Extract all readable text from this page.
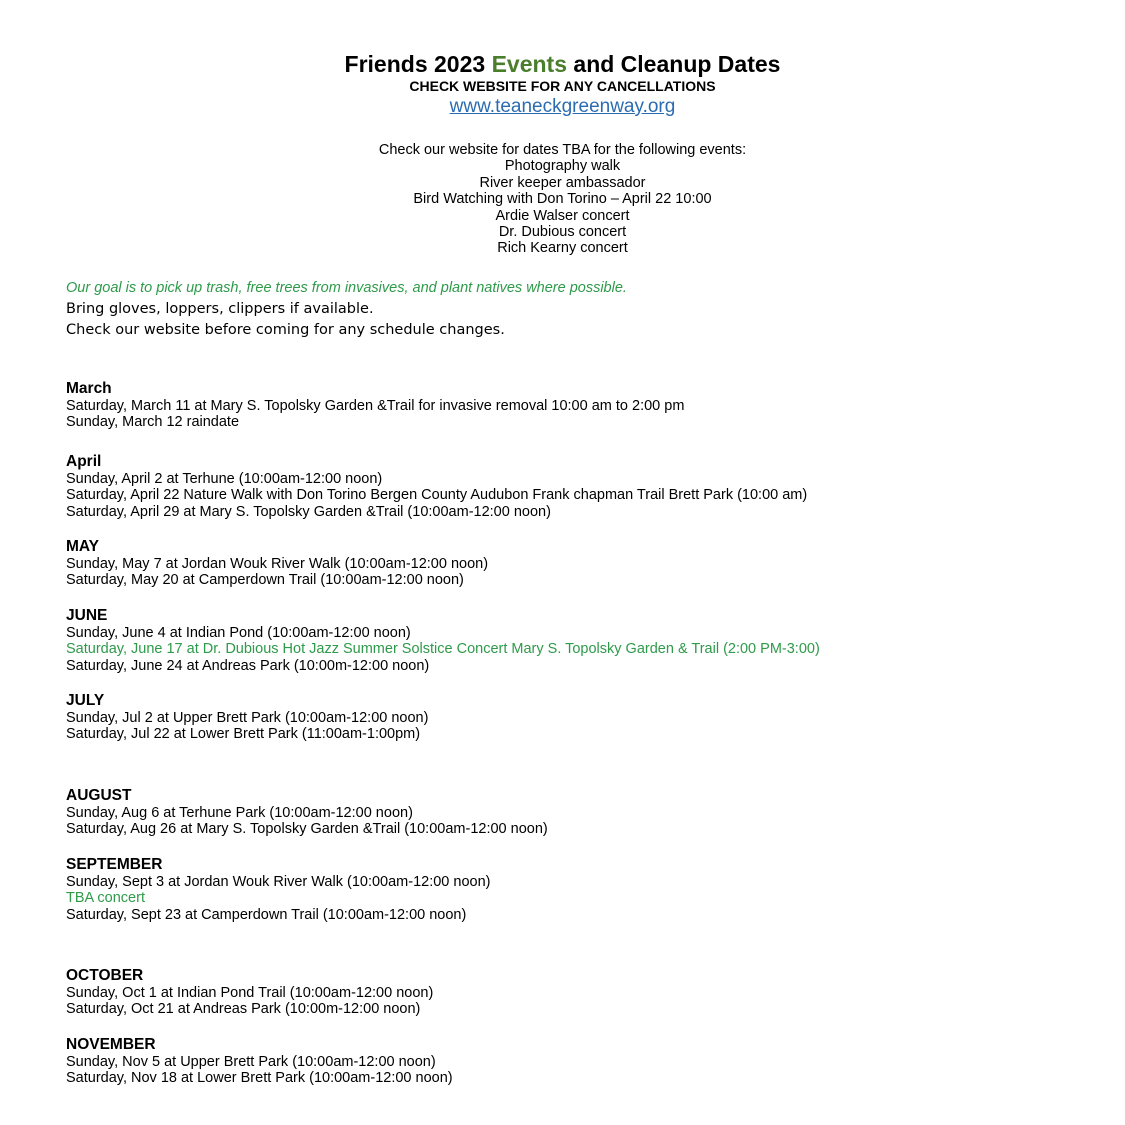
Friends 2023 Events and Cleanup Dates
CHECK WEBSITE FOR ANY CANCELLATIONS
www.teaneckgreenway.org
Check our website for dates TBA for the following events:
Photography walk
River keeper ambassador
Bird Watching with Don Torino – April 22 10:00
Ardie Walser concert
Dr. Dubious concert
Rich Kearny concert
Our goal is to pick up trash, free trees from invasives, and plant natives where possible.
Bring gloves, loppers, clippers if available.
Check our website before coming for any schedule changes.
March
Saturday, March 11 at Mary S. Topolsky Garden &Trail for invasive removal 10:00 am to 2:00 pm
Sunday, March 12 raindate
April
Sunday, April 2 at Terhune (10:00am-12:00 noon)
Saturday, April 22 Nature Walk with Don Torino Bergen County Audubon Frank chapman Trail Brett Park (10:00 am)
Saturday, April 29 at Mary S. Topolsky Garden &Trail (10:00am-12:00 noon)
MAY
Sunday, May 7 at Jordan Wouk River Walk (10:00am-12:00 noon)
Saturday, May 20 at Camperdown Trail (10:00am-12:00 noon)
JUNE
Sunday, June 4 at Indian Pond (10:00am-12:00 noon)
Saturday, June 17 at Dr. Dubious Hot Jazz Summer Solstice Concert Mary S. Topolsky Garden & Trail (2:00 PM-3:00)
Saturday, June 24 at Andreas Park (10:00m-12:00 noon)
JULY
Sunday, Jul 2 at Upper Brett Park (10:00am-12:00 noon)
Saturday, Jul 22 at Lower Brett Park (11:00am-1:00pm)
AUGUST
Sunday, Aug 6 at Terhune Park (10:00am-12:00 noon)
Saturday, Aug 26 at Mary S. Topolsky Garden &Trail (10:00am-12:00 noon)
SEPTEMBER
Sunday, Sept 3 at Jordan Wouk River Walk (10:00am-12:00 noon)
TBA concert
Saturday, Sept 23 at Camperdown Trail (10:00am-12:00 noon)
OCTOBER
Sunday, Oct 1 at Indian Pond Trail (10:00am-12:00 noon)
Saturday, Oct 21 at Andreas Park (10:00m-12:00 noon)
NOVEMBER
Sunday, Nov 5 at Upper Brett Park (10:00am-12:00 noon)
Saturday, Nov 18 at Lower Brett Park (10:00am-12:00 noon)
